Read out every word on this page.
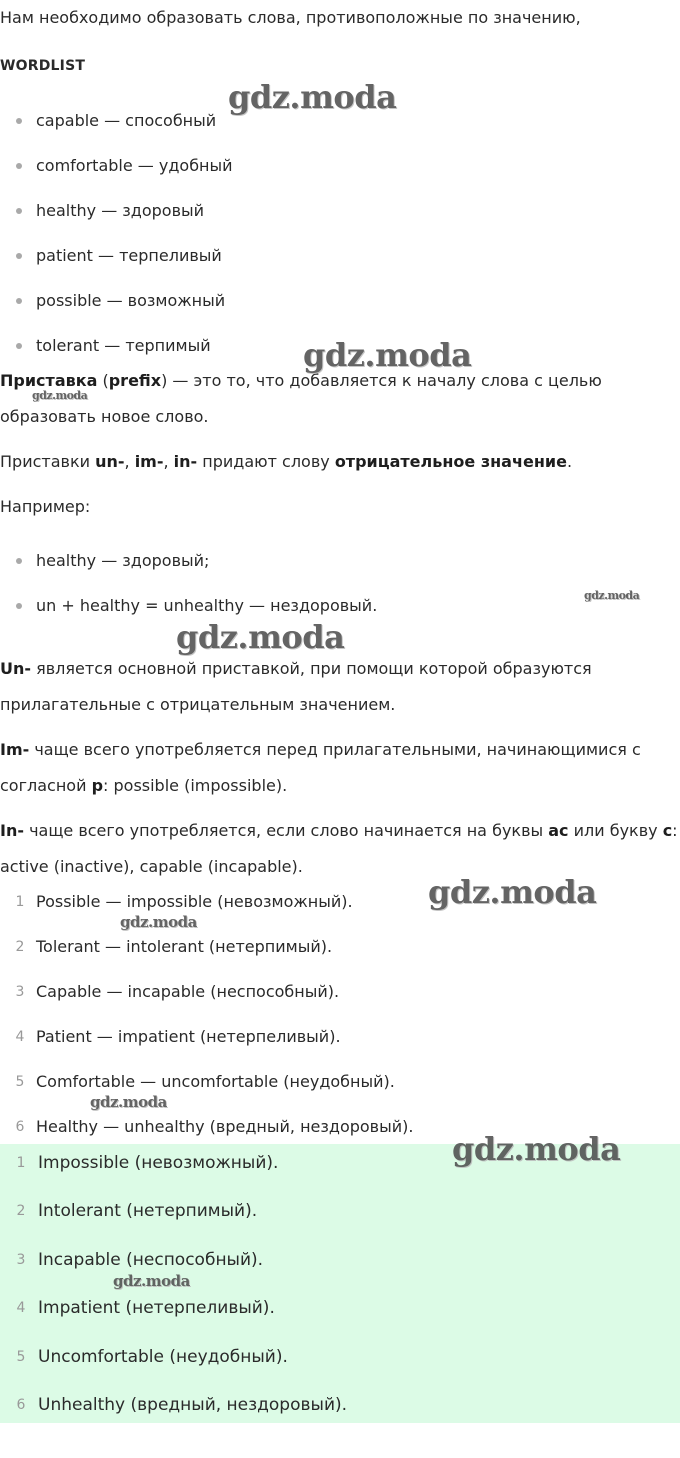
Нам необходимо образовать слова, противоположные по значению,
WORDLIST
capable — способный
comfortable — удобный
healthy — здоровый
patient — терпеливый
possible — возможный
tolerant — терпимый
Приставка (prefix) — это то, что добавляется к началу слова с целью
образовать новое слово.
Приставки un-, im-, in- придают слову отрицательное значение.
Например:
healthy — здоровый;
un + healthy = unhealthy — нездоровый.
Un- является основной приставкой, при помощи которой образуются
прилагательные с отрицательным значением.
Im- чаще всего употребляется перед прилагательными, начинающимися с
согласной p: possible (impossible).
In- чаще всего употребляется, если слово начинается на буквы ac или букву c:
active (inactive), capable (incapable).
1 Possible — impossible (невозможный).
2 Tolerant — intolerant (нетерпимый).
3 Capable — incapable (неспособный).
4 Patient — impatient (нетерпеливый).
5 Comfortable — uncomfortable (неудобный).
6 Healthy — unhealthy (вредный, нездоровый).
1 Impossible (невозможный).
2 Intolerant (нетерпимый).
3 Incapable (неспособный).
4 Impatient (нетерпеливый).
5 Uncomfortable (неудобный).
6 Unhealthy (вредный, нездоровый).
gdz.moda
gdz.moda
gdz.moda
gdz.moda
gdz.moda
gdz.moda
gdz.moda
gdz.moda
gdz.moda
gdz.moda
